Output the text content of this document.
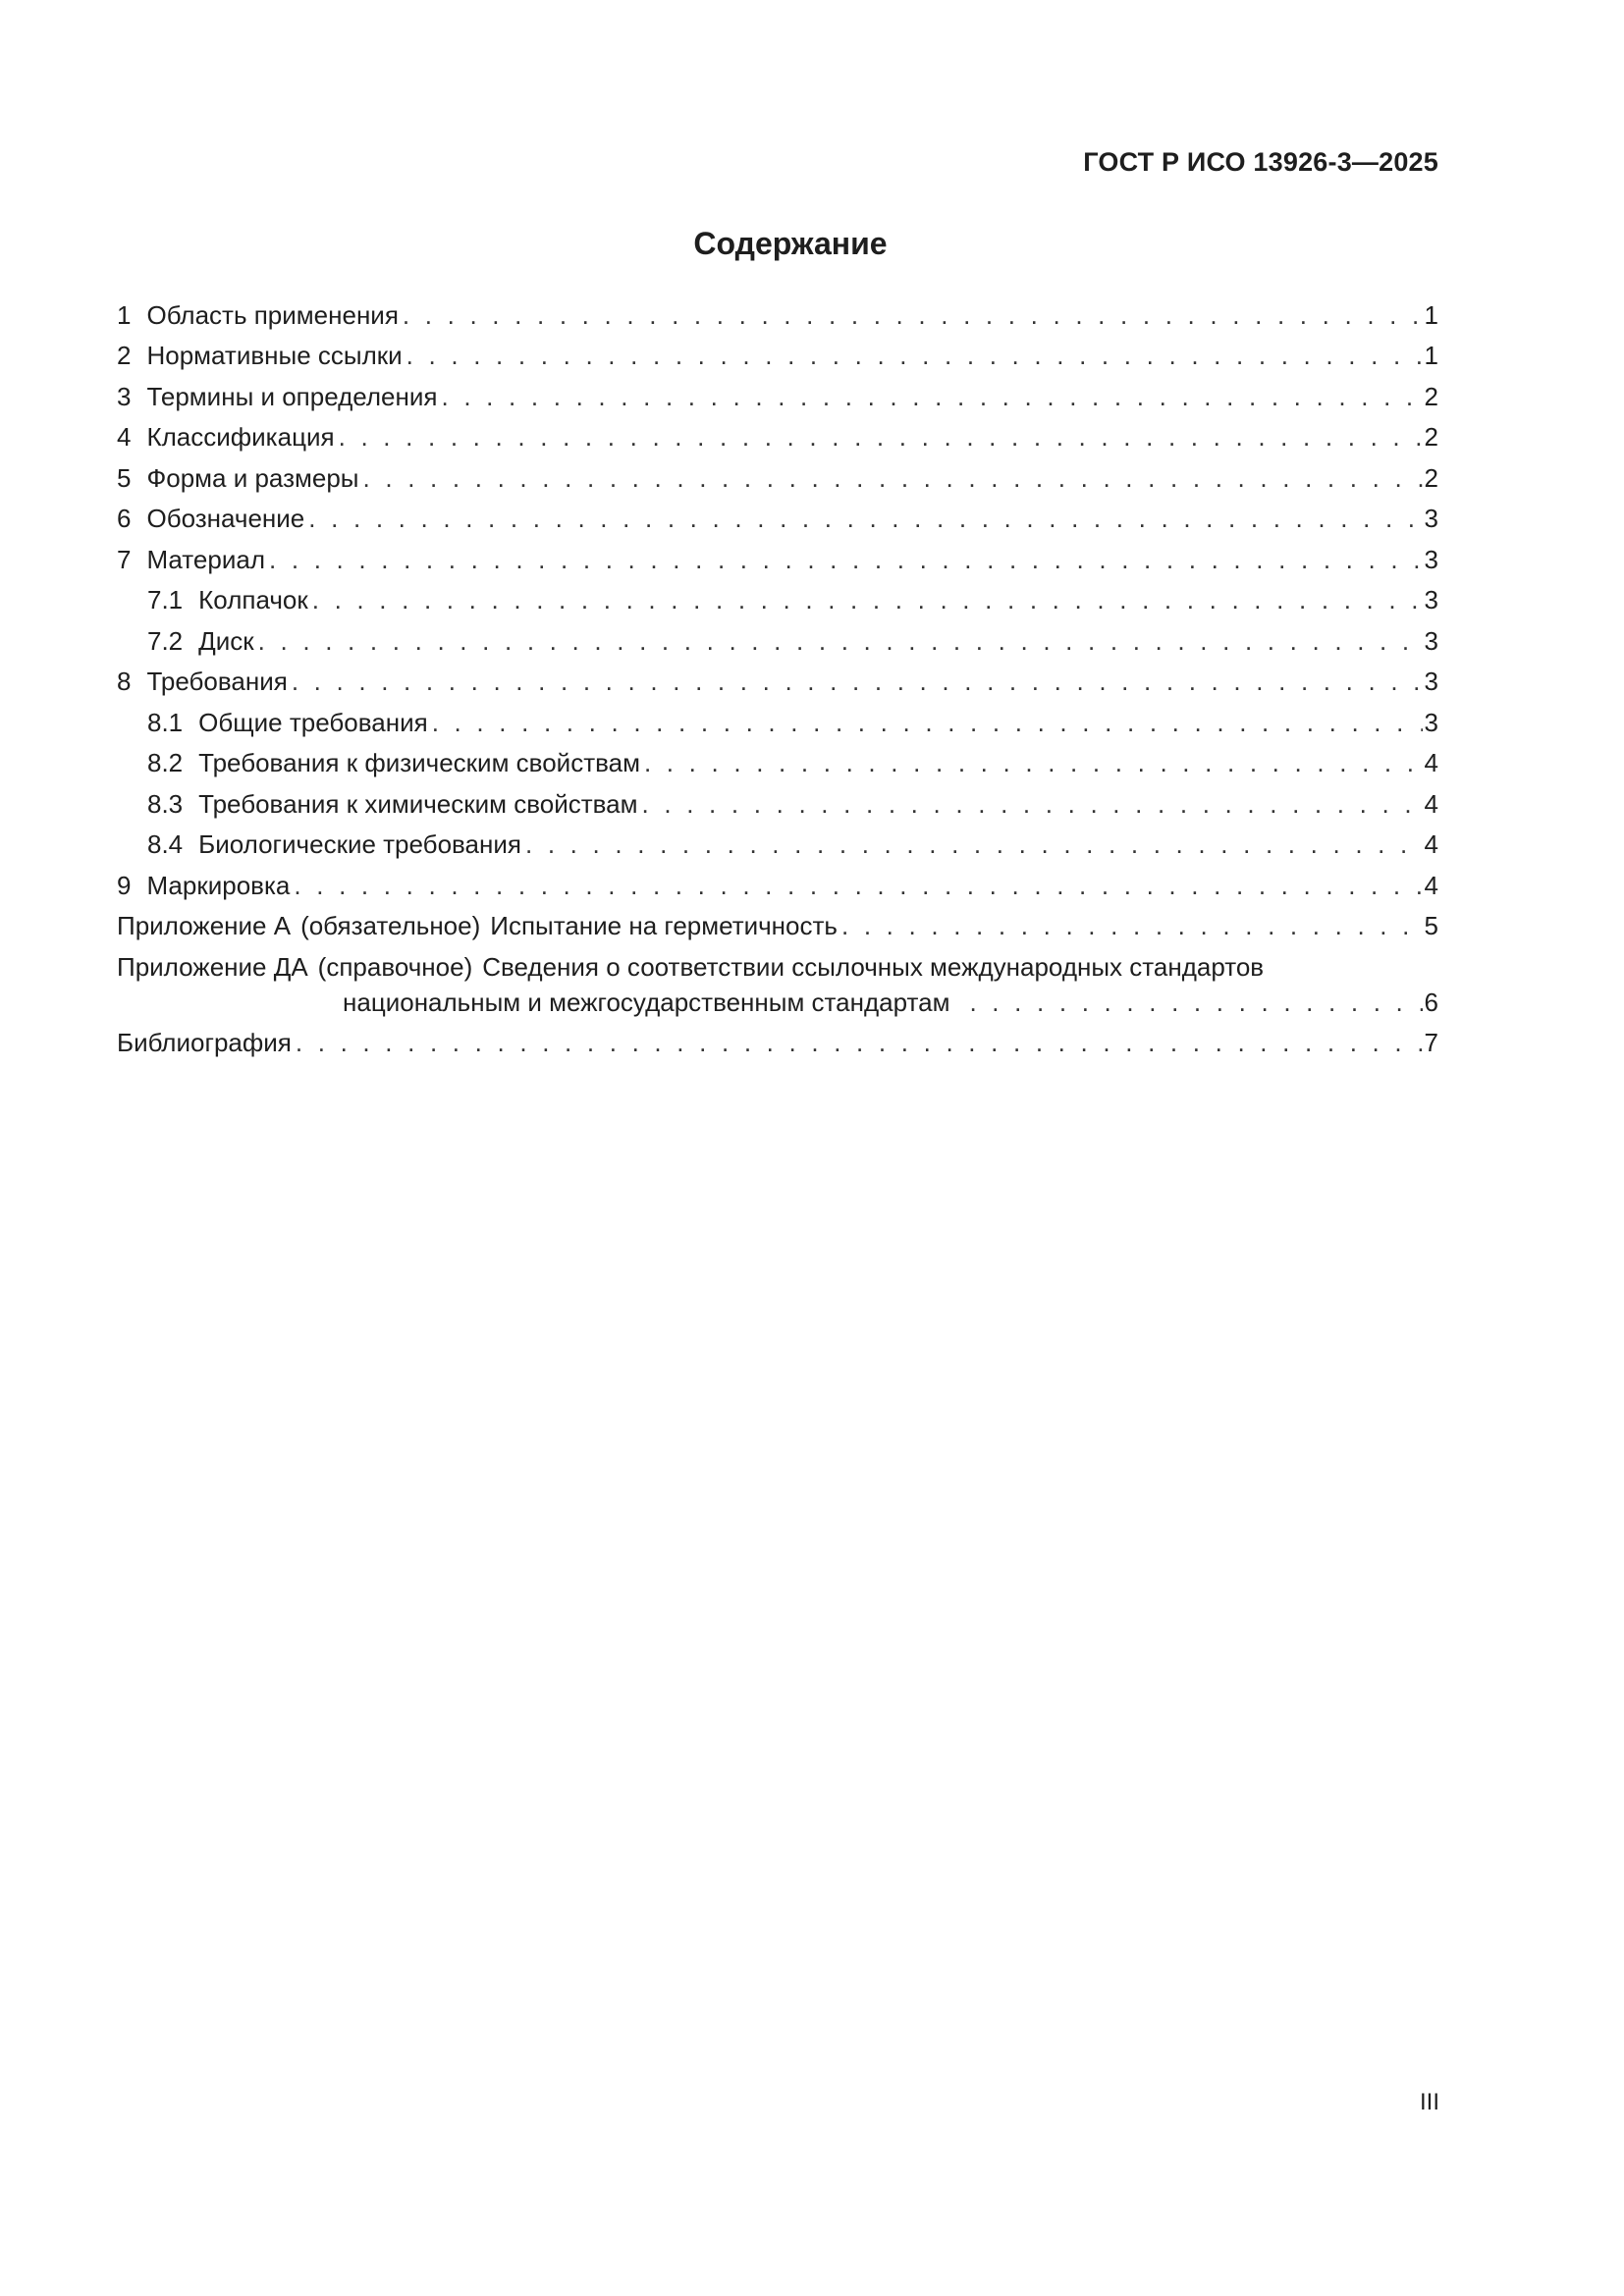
ГОСТ Р ИСО 13926-3—2025
Содержание
1 Область применения . . .	1
2 Нормативные ссылки . . .	1
3 Термины и определения . . .	2
4 Классификация . . .	2
5 Форма и размеры . . .	2
6 Обозначение . . .	3
7 Материал . . .	3
7.1 Колпачок . . .	3
7.2 Диск . . .	3
8 Требования . . .	3
8.1 Общие требования . . .	3
8.2 Требования к физическим свойствам . . .	4
8.3 Требования к химическим свойствам . . .	4
8.4 Биологические требования . . .	4
9 Маркировка . . .	4
Приложение А (обязательное) Испытание на герметичность . . .	5
Приложение ДА (справочное) Сведения о соответствии ссылочных международных стандартов
национальным и межгосударственным стандартам . . .	6
Библиография . . .	7
III
